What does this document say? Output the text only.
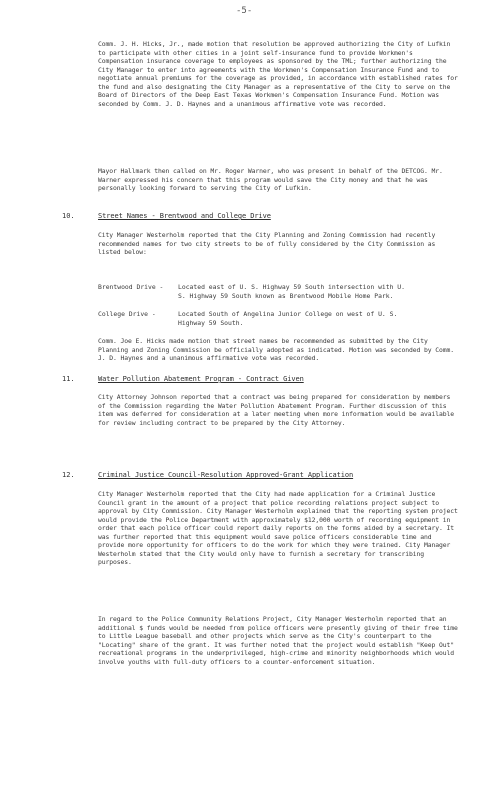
-5-
Comm. J. H. Hicks, Jr., made motion that resolution be approved authorizing the City of Lufkin to participate with other cities in a joint self-insurance fund to provide Workmen's Compensation insurance coverage to employees as sponsored by the TML; further authorizing the City Manager to enter into agreements with the Workmen's Compensation Insurance Fund and to negotiate annual premiums for the coverage as provided, in accordance with established rates for the fund and also designating the City Manager as a representative of the City to serve on the Board of Directors of the Deep East Texas Workmen's Compensation Insurance Fund. Motion was seconded by Comm. J. D. Haynes and a unanimous affirmative vote was recorded.
Mayor Hallmark then called on Mr. Roger Warner, who was present in behalf of the DETCOG. Mr. Warner expressed his concern that this program would save the City money and that he was personally looking forward to serving the City of Lufkin.
10.	Street Names - Brentwood and College Drive
City Manager Westerholm reported that the City Planning and Zoning Commission had recently recommended names for two city streets to be of fully considered by the City Commission as listed below:
Brentwood Drive - Located east of U. S. Highway 59 South intersection with U. S. Highway 59 South known as Brentwood Mobile Home Park.
College Drive -	Located South of Angelina Junior College on west of U. S. Highway 59 South.
Comm. Joe E. Hicks made motion that street names be recommended as submitted by the City Planning and Zoning Commission be officially adopted as indicated. Motion was seconded by Comm. J. D. Haynes and a unanimous affirmative vote was recorded.
11.	Water Pollution Abatement Program - Contract Given
City Attorney Johnson reported that a contract was being prepared for consideration by members of the Commission regarding the Water Pollution Abatement Program. Further discussion of this item was deferred for consideration at a later meeting when more information would be available for review including contract to be prepared by the City Attorney.
12.	Criminal Justice Council-Resolution Approved-Grant Application
City Manager Westerholm reported that the City had made application for a Criminal Justice Council grant in the amount of a project that police recording relations project subject to approval by City Commission. City Manager Westerholm explained that the reporting system project would provide the Police Department with approximately $12,000 worth of recording equipment in order that each police officer could report daily reports on the forms aided by a secretary. It was further reported that this equipment would save police officers considerable time and provide more opportunity for officers to do the work for which they were trained. City Manager Westerholm stated that the City would only have to furnish a secretary for transcribing purposes.
In regard to the Police Community Relations Project, City Manager Westerholm reported that an additional $ funds would be needed from police officers were presently giving of their free time to Little League baseball and other projects which serve as the City's counterpart to the "Locating" share of the grant. It was further noted that the project would establish "Keep Out" recreational programs in the underprivileged, high-crime and minority neighborhoods which would involve youths with full-duty officers to a counter-enforcement situation.
